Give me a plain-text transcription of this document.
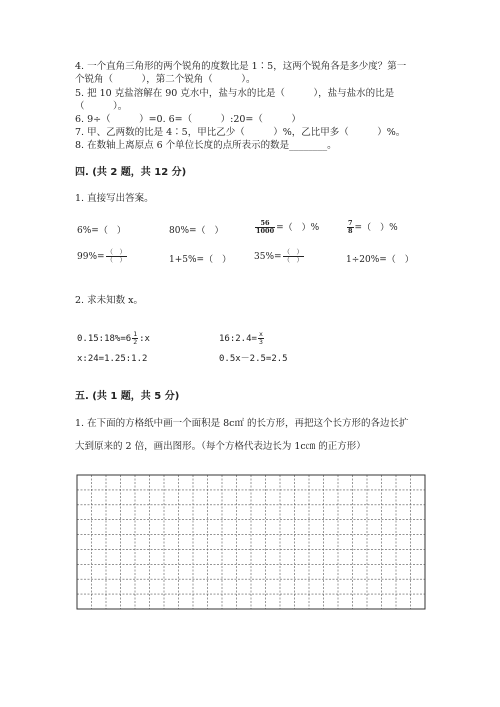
4. 一个直角三角形的两个锐角的度数比是 1∶5，这两个锐角各是多少度？第一
个锐角（　　　），第二个锐角（　　　）。
5. 把 10 克盐溶解在 90 克水中，盐与水的比是（　　　），盐与盐水的比是
（　　　）。
6. 9÷（　　　）=0. 6=（　　　）:20=（　　　）
7. 甲、乙两数的比是 4∶5，甲比乙少（　　　）%，乙比甲多（　　　）%。
8. 在数轴上离原点 6 个单位长度的点所表示的数是________。
四. (共 2 题，共 12 分)
1. 直接写出答案。
6%=（　）	80%=（　）	$\frac{56}{1000}$ =（　）%	$\frac{7}{8}$ =（　）%
$99\%= \frac{( )}{( )}$	1+5%=（　）	$35\%= \frac{( )}{( )}$	1÷20%=（　）
2. 求未知数 x。
0.15:18%=6 $\frac{1}{2}$ :x	16:2.4= $\frac{x}{3}$
x:24=1.25:1.2	0.5x－2.5=2.5
五. (共 1 题，共 5 分)
1. 在下面的方格纸中画一个面积是 8c㎡ 的长方形，再把这个长方形的各边长扩
大到原来的 2 倍，画出图形。（每个方格代表边长为 1c㎝ 的正方形）
